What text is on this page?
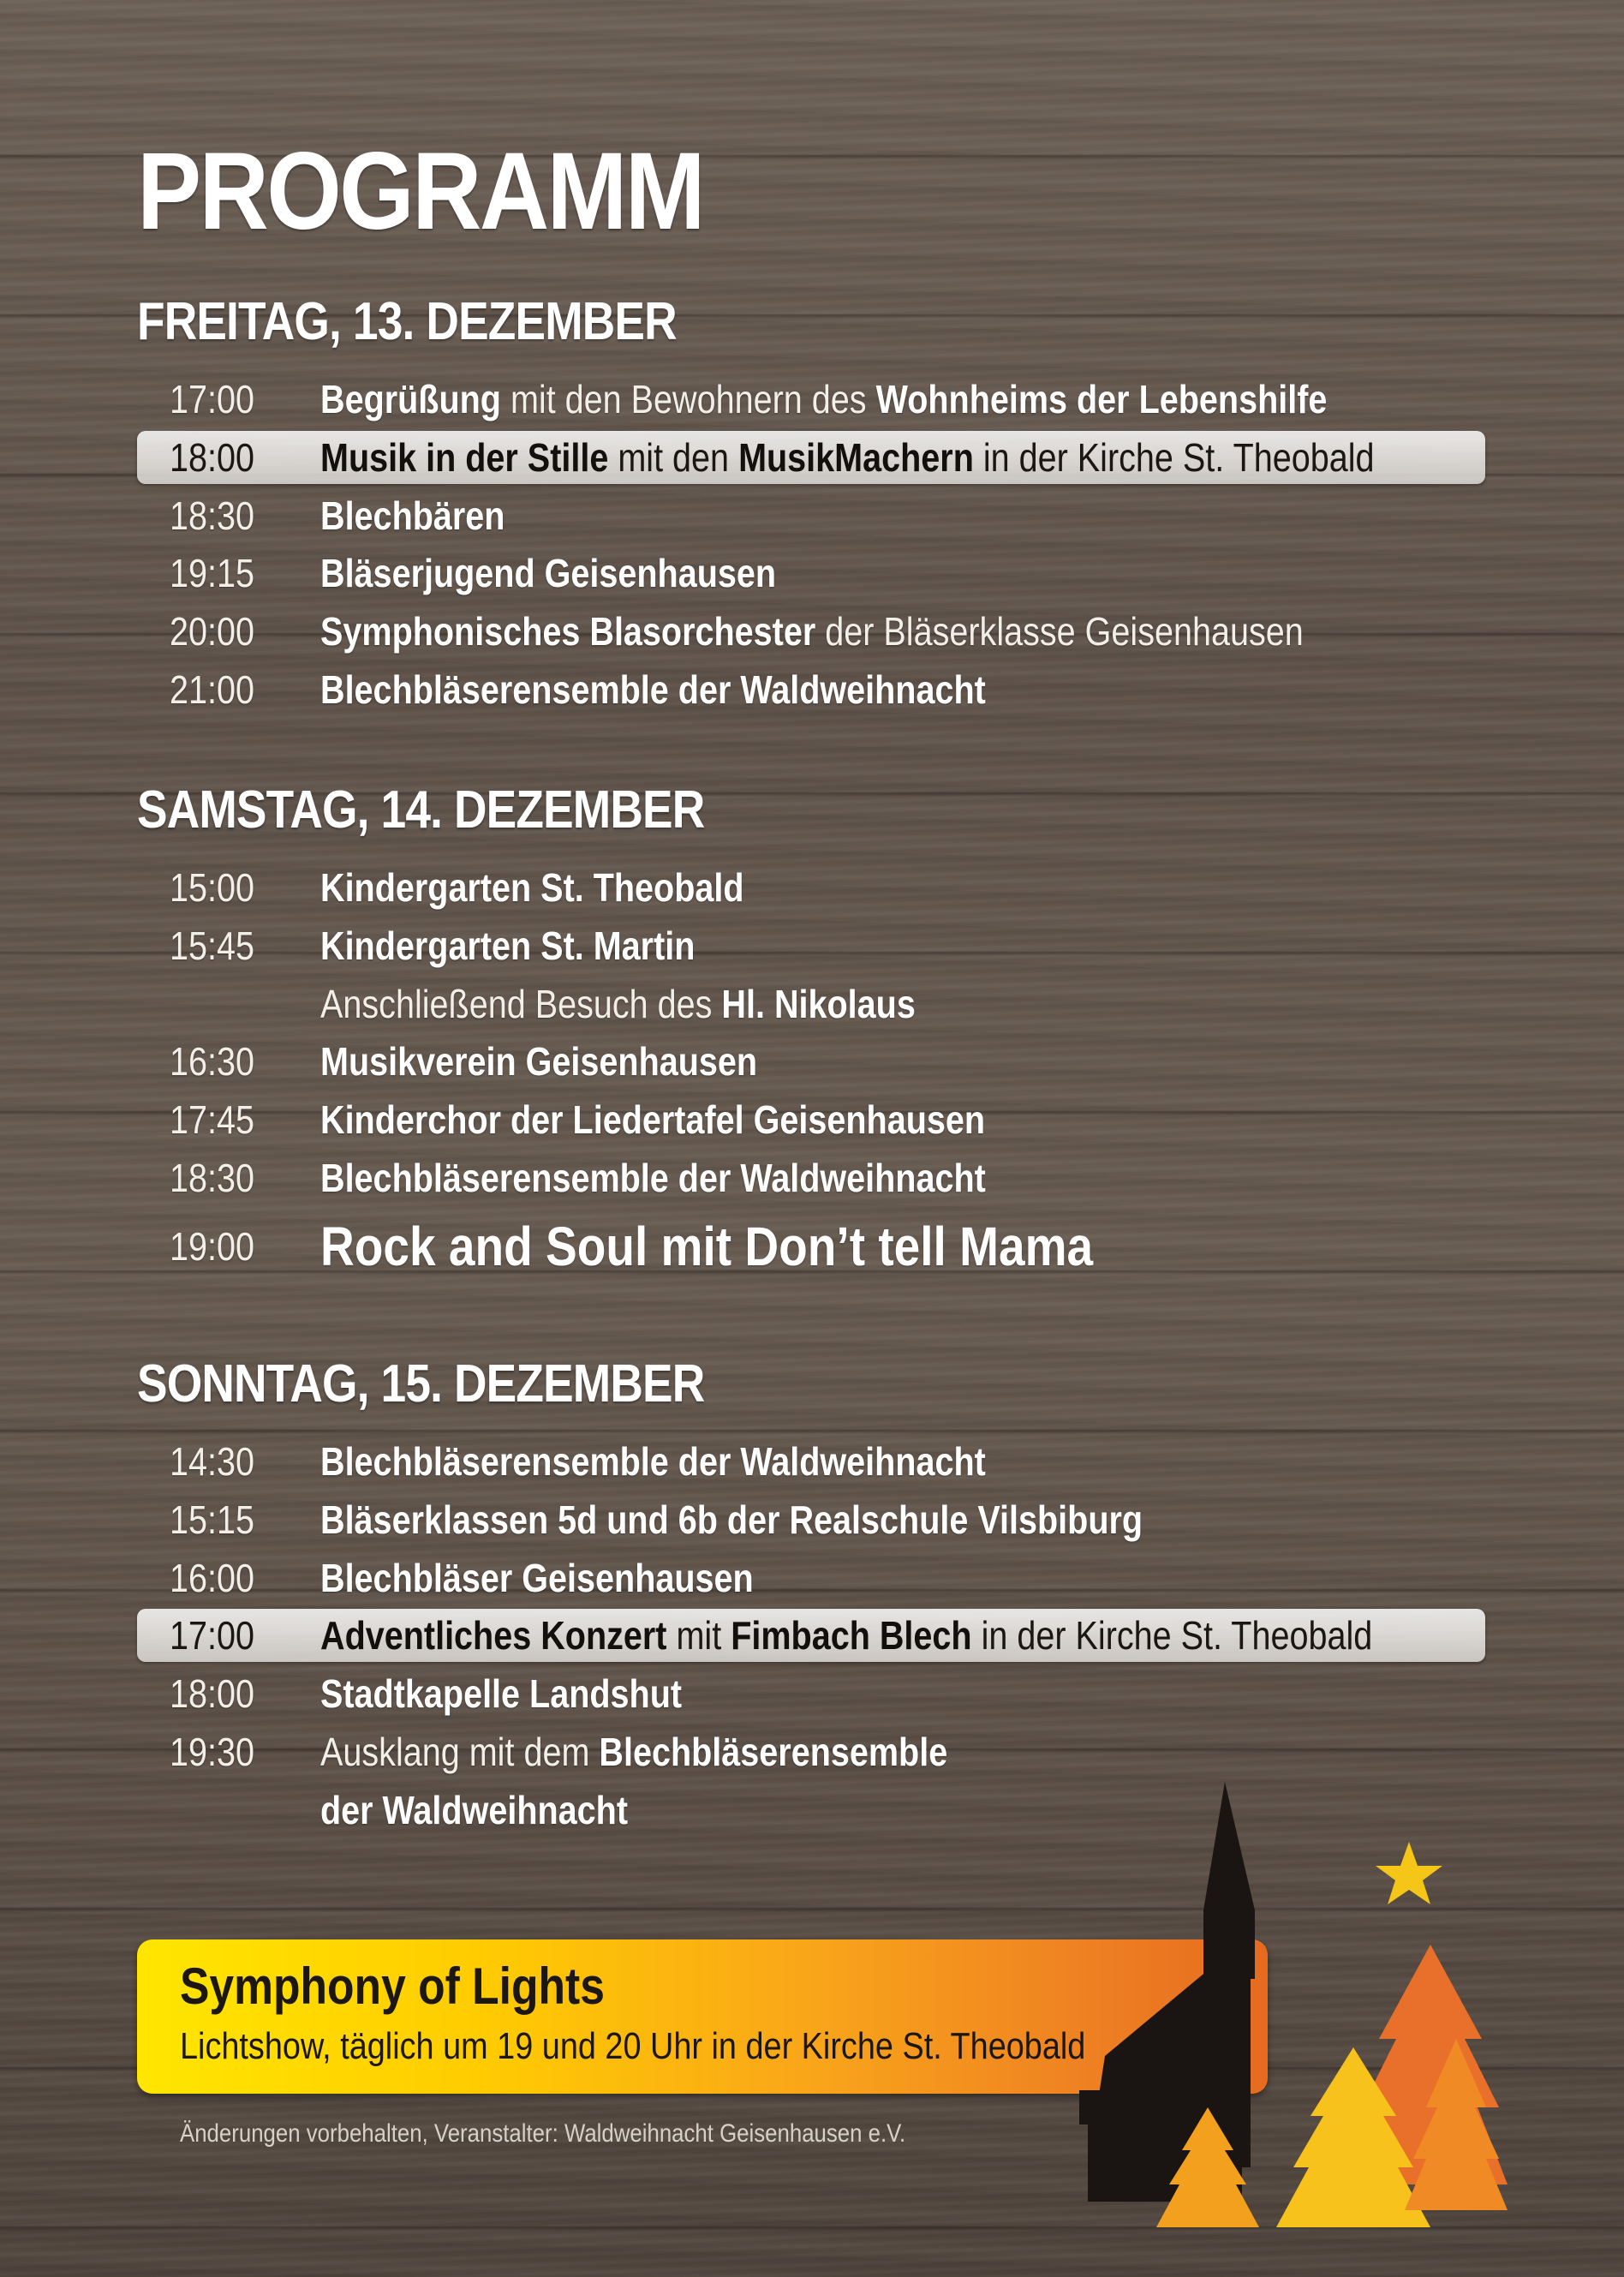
PROGRAMM
FREITAG, 13. DEZEMBER
17:00 Begrüßung mit den Bewohnern des Wohnheims der Lebenshilfe
18:00 Musik in der Stille mit den MusikMachern in der Kirche St. Theobald
18:30 Blechbären
19:15 Bläserjugend Geisenhausen
20:00 Symphonisches Blasorchester der Bläserklasse Geisenhausen
21:00 Blechbläserensemble der Waldweihnacht
SAMSTAG, 14. DEZEMBER
15:00 Kindergarten St. Theobald
15:45 Kindergarten St. Martin
Anschließend Besuch des Hl. Nikolaus
16:30 Musikverein Geisenhausen
17:45 Kinderchor der Liedertafel Geisenhausen
18:30 Blechbläserensemble der Waldweihnacht
19:00 Rock and Soul mit Don’t tell Mama
SONNTAG, 15. DEZEMBER
14:30 Blechbläserensemble der Waldweihnacht
15:15 Bläserklassen 5d und 6b der Realschule Vilsbiburg
16:00 Blechbläser Geisenhausen
17:00 Adventliches Konzert mit Fimbach Blech in der Kirche St. Theobald
18:00 Stadtkapelle Landshut
19:30 Ausklang mit dem Blechbläserensemble
der Waldweihnacht
Symphony of Lights
Lichtshow, täglich um 19 und 20 Uhr in der Kirche St. Theobald
Änderungen vorbehalten, Veranstalter: Waldweihnacht Geisenhausen e.V.
